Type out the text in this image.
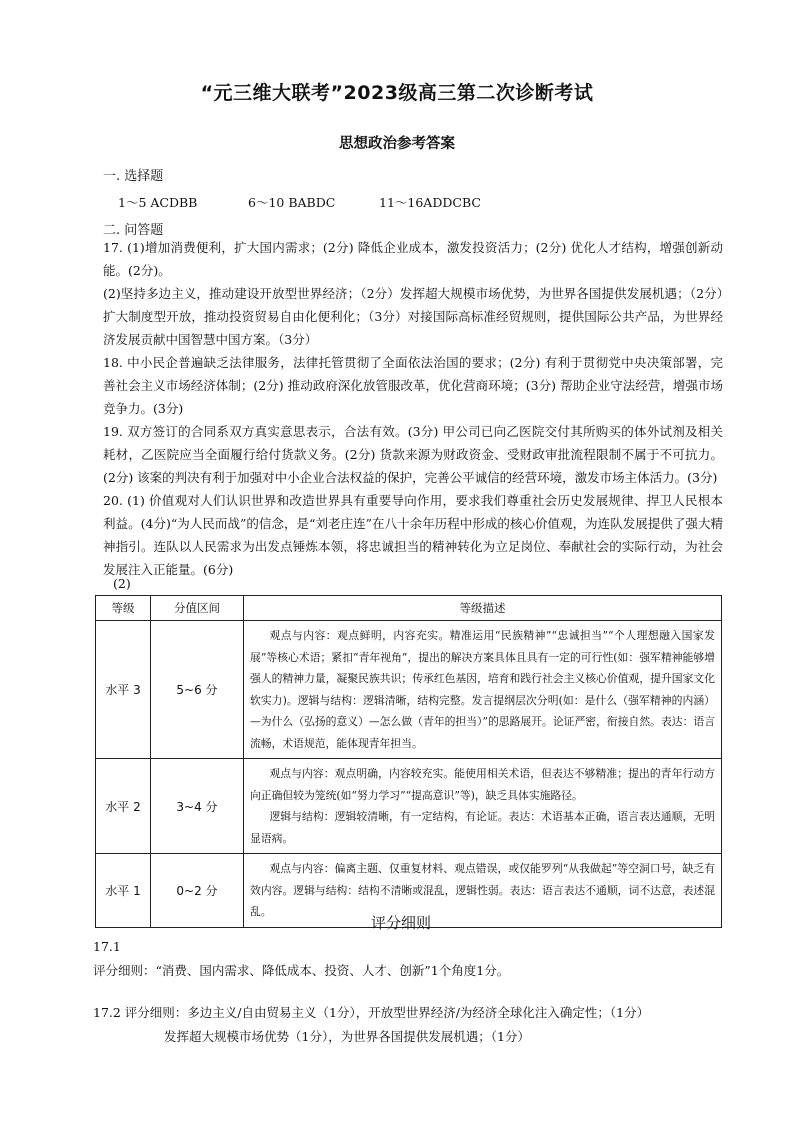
“元三维大联考”2023级高三第二次诊断考试
思想政治参考答案
一. 选择题
1～5 ACDBB	6～10 BABDC	11～16ADDCBC
二. 问答题

17. (1)增加消费便利，扩大国内需求；(2分) 降低企业成本，激发投资活力；(2分) 优化人才结构，增强创新动能。(2分)。

(2)坚持多边主义，推动建设开放型世界经济；（2分）发挥超大规模市场优势，为世界各国提供发展机遇；（2分）扩大制度型开放，推动投资贸易自由化便利化；（3分）对接国际高标准经贸规则，提供国际公共产品，为世界经济发展贡献中国智慧中国方案。（3分）

18. 中小民企普遍缺乏法律服务，法律托管贯彻了全面依法治国的要求；(2分) 有利于贯彻党中央决策部署，完善社会主义市场经济体制；(2分) 推动政府深化放管服改革，优化营商环境；(3分) 帮助企业守法经营，增强市场竞争力。(3分)

19. 双方签订的合同系双方真实意思表示，合法有效。(3分) 甲公司已向乙医院交付其所购买的体外试剂及相关耗材，乙医院应当全面履行给付货款义务。(2分) 货款来源为财政资金、受财政审批流程限制不属于不可抗力。(2分) 该案的判决有利于加强对中小企业合法权益的保护，完善公平诚信的经营环境，激发市场主体活力。(3分)

20. (1) 价值观对人们认识世界和改造世界具有重要导向作用，要求我们尊重社会历史发展规律、捍卫人民根本利益。(4分)“为人民而战”的信念，是“刘老庄连”在八十余年历程中形成的核心价值观，为连队发展提供了强大精神指引。连队以人民需求为出发点锤炼本领，将忠诚担当的精神转化为立足岗位、奉献社会的实际行动，为社会发展注入正能量。(6分)

(2)
等级	分值区间	等级描述
水平 3	5~6 分	观点与内容：观点鲜明，内容充实。精准运用“民族精神”“忠诚担当”“个人理想融入国家发展”等核心术语；紧扣“青年视角”，提出的解决方案具体且具有一定的可行性(如：强军精神能够增强人的精神力量，凝聚民族共识；传承红色基因，培育和践行社会主义核心价值观，提升国家文化软实力)。逻辑与结构：逻辑清晰，结构完整。发言提纲层次分明(如：是什么（强军精神的内涵）—为什么（弘扬的意义）—怎么做（青年的担当）”的思路展开。论证严密，衔接自然。表达：语言流畅，术语规范，能体现青年担当。

水平 2	3~4 分	观点与内容：观点明确，内容较充实。能使用相关术语，但表达不够精准；提出的青年行动方向正确但较为笼统(如“努力学习”“提高意识”等)，缺乏具体实施路径。

逻辑与结构：逻辑较清晰，有一定结构，有论证。表达：术语基本正确，语言表达通顺，无明显语病。

水平 1	0~2 分	观点与内容：偏离主题、仅重复材料、观点错误，或仅能罗列“从我做起”等空洞口号，缺乏有效内容。逻辑与结构：结构不清晰或混乱，逻辑性弱。表达：语言表达不通顺，词不达意，表述混乱。

评分细则
17.1
评分细则：“消费、国内需求、降低成本、投资、人才、创新”1个角度1分。
17.2 评分细则：多边主义/自由贸易主义（1分），开放型世界经济/为经济全球化注入确定性；（1分）
发挥超大规模市场优势（1分），为世界各国提供发展机遇；（1分）
